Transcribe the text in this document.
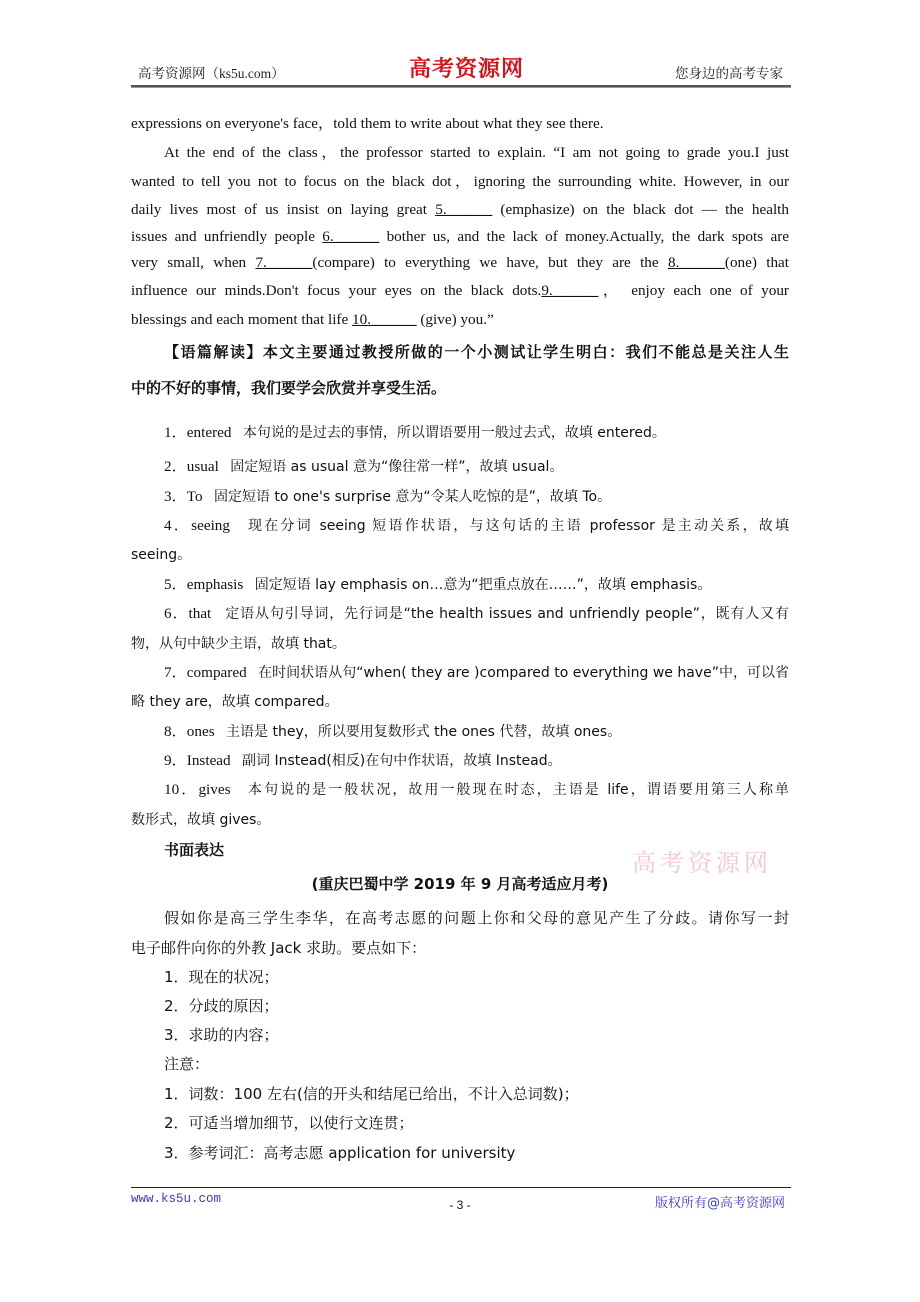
高考资源网（ks5u.com）	高考资源网	您身边的高考专家
expressions on everyone's face，told them to write about what they see there.
At the end of the class，the professor started to explain. “I am not going to grade you.I just
wanted to tell you not to focus on the black dot，ignoring the surrounding white. However, in our
daily lives most of us insist on laying great 5.______ (emphasize) on the black dot — the health
issues and unfriendly people 6.______ bother us, and the lack of money.Actually, the dark spots are
very small, when 7.______(compare) to everything we have, but they are the 8.______(one) that
influence our minds.Don't focus your eyes on the black dots.9.______， enjoy each one of your
blessings and each moment that life 10.______ (give) you.”
【语篇解读】本文主要通过教授所做的一个小测试让学生明白：我们不能总是关注人生
中的不好的事情，我们要学会欣赏并享受生活。
1．entered 本句说的是过去的事情，所以谓语要用一般过去式，故填 entered。
2．usual 固定短语 as usual 意为“像往常一样”，故填 usual。
3．To 固定短语 to one's surprise 意为“令某人吃惊的是”，故填 To。
4．seeing 现在分词 seeing 短语作状语，与这句话的主语 professor 是主动关系，故填
seeing。
5．emphasis 固定短语 lay emphasis on…意为“把重点放在……”，故填 emphasis。
6．that 定语从句引导词，先行词是“the health issues and unfriendly people”，既有人又有
物，从句中缺少主语，故填 that。
7．compared 在时间状语从句“when( they are )compared to everything we have”中，可以省
略 they are，故填 compared。
8．ones 主语是 they，所以要用复数形式 the ones 代替，故填 ones。
9．Instead 副词 Instead(相反)在句中作状语，故填 Instead。
10．gives 本句说的是一般状况，故用一般现在时态，主语是 life，谓语要用第三人称单
数形式，故填 gives。
书面表达
(重庆巴蜀中学 2019 年 9 月高考适应月考)
假如你是高三学生李华，在高考志愿的问题上你和父母的意见产生了分歧。请你写一封
电子邮件向你的外教 Jack 求助。要点如下：
1．现在的状况；
2．分歧的原因；
3．求助的内容；
注意：
1．词数：100 左右(信的开头和结尾已给出，不计入总词数)；
2．可适当增加细节，以使行文连贯；
3．参考词汇：高考志愿 application for university
高考资源网
www.ks5u.com	- 3 -	版权所有@高考资源网
